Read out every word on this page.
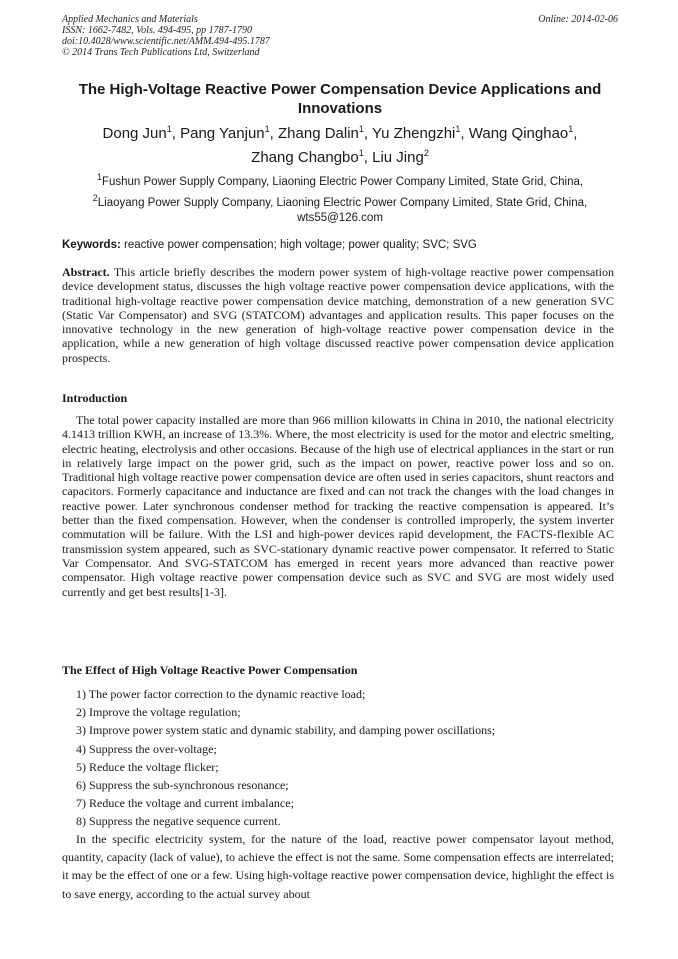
Applied Mechanics and Materials
ISSN: 1662-7482, Vols. 494-495, pp 1787-1790
doi:10.4028/www.scientific.net/AMM.494-495.1787
© 2014 Trans Tech Publications Ltd, Switzerland
Online: 2014-02-06
The High-Voltage Reactive Power Compensation Device Applications and Innovations
Dong Jun$^1$, Pang Yanjun$^1$, Zhang Dalin$^1$, Yu Zhengzhi$^1$, Wang Qinghao$^1$,
Zhang Changbo$^1$, Liu Jing$^2$
$^1$Fushun Power Supply Company, Liaoning Electric Power Company Limited, State Grid, China,
$^2$Liaoyang Power Supply Company, Liaoning Electric Power Company Limited, State Grid, China,
wts55@126.com
Keywords: reactive power compensation; high voltage; power quality; SVC; SVG
Abstract. This article briefly describes the modern power system of high-voltage reactive power compensation device development status, discusses the high voltage reactive power compensation device applications, with the traditional high-voltage reactive power compensation device matching, demonstration of a new generation SVC (Static Var Compensator) and SVG (STATCOM) advantages and application results. This paper focuses on the innovative technology in the new generation of high-voltage reactive power compensation device in the application, while a new generation of high voltage discussed reactive power compensation device application prospects.
Introduction
The total power capacity installed are more than 966 million kilowatts in China in 2010, the national electricity 4.1413 trillion KWH, an increase of 13.3%. Where, the most electricity is used for the motor and electric smelting, electric heating, electrolysis and other occasions. Because of the high use of electrical appliances in the start or run in relatively large impact on the power grid, such as the impact on power, reactive power loss and so on. Traditional high voltage reactive power compensation device are often used in series capacitors, shunt reactors and capacitors. Formerly capacitance and inductance are fixed and can not track the changes with the load changes in reactive power. Later synchronous condenser method for tracking the reactive compensation is appeared. It’s better than the fixed compensation. However, when the condenser is controlled improperly, the system inverter commutation will be failure. With the LSI and high-power devices rapid development, the FACTS-flexible AC transmission system appeared, such as SVC-stationary dynamic reactive power compensator. It referred to Static Var Compensator. And SVG-STATCOM has emerged in recent years more advanced than reactive power compensator. High voltage reactive power compensation device such as SVC and SVG are most widely used currently and get best results[1-3].
The Effect of High Voltage Reactive Power Compensation
1) The power factor correction to the dynamic reactive load;
2) Improve the voltage regulation;
3) Improve power system static and dynamic stability, and damping power oscillations;
4) Suppress the over-voltage;
5) Reduce the voltage flicker;
6) Suppress the sub-synchronous resonance;
7) Reduce the voltage and current imbalance;
8) Suppress the negative sequence current.
In the specific electricity system, for the nature of the load, reactive power compensator layout method, quantity, capacity (lack of value), to achieve the effect is not the same. Some compensation effects are interrelated; it may be the effect of one or a few. Using high-voltage reactive power compensation device, highlight the effect is to save energy, according to the actual survey about
